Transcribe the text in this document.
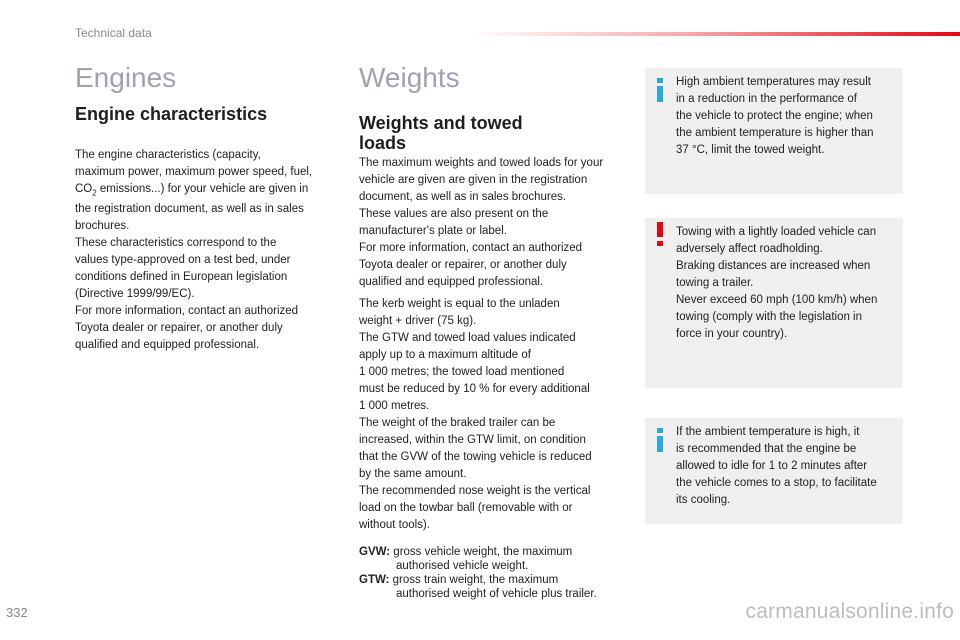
Technical data
Engines
Engine characteristics

The engine characteristics (capacity,
maximum power, maximum power speed, fuel,
$CO_2$ emissions...) for your vehicle are given in
the registration document, as well as in sales
brochures.
These characteristics correspond to the
values type-approved on a test bed, under
conditions defined in European legislation
(Directive 1999/99/EC).
For more information, contact an authorized
Toyota dealer or repairer, or another duly
qualified and equipped professional.

Weights
Weights and towed
loads

The maximum weights and towed loads for your
vehicle are given are given in the registration
document, as well as in sales brochures.
These values are also present on the
manufacturer's plate or label.
For more information, contact an authorized
Toyota dealer or repairer, or another duly
qualified and equipped professional.

The kerb weight is equal to the unladen
weight + driver (75 kg).
The GTW and towed load values indicated
apply up to a maximum altitude of
1 000 metres; the towed load mentioned
must be reduced by 10 % for every additional
1 000 metres.
The weight of the braked trailer can be
increased, within the GTW limit, on condition
that the GVW of the towing vehicle is reduced
by the same amount.
The recommended nose weight is the vertical
load on the towbar ball (removable with or
without tools).

GVW: gross vehicle weight, the maximum
authorised vehicle weight.
GTW: gross train weight, the maximum
authorised weight of vehicle plus trailer.

High ambient temperatures may result
in a reduction in the performance of
the vehicle to protect the engine; when
the ambient temperature is higher than
37 °C, limit the towed weight.

Towing with a lightly loaded vehicle can
adversely affect roadholding.
Braking distances are increased when
towing a trailer.
Never exceed 60 mph (100 km/h) when
towing (comply with the legislation in
force in your country).

If the ambient temperature is high, it
is recommended that the engine be
allowed to idle for 1 to 2 minutes after
the vehicle comes to a stop, to facilitate
its cooling.

332	carmanualsonline.info
